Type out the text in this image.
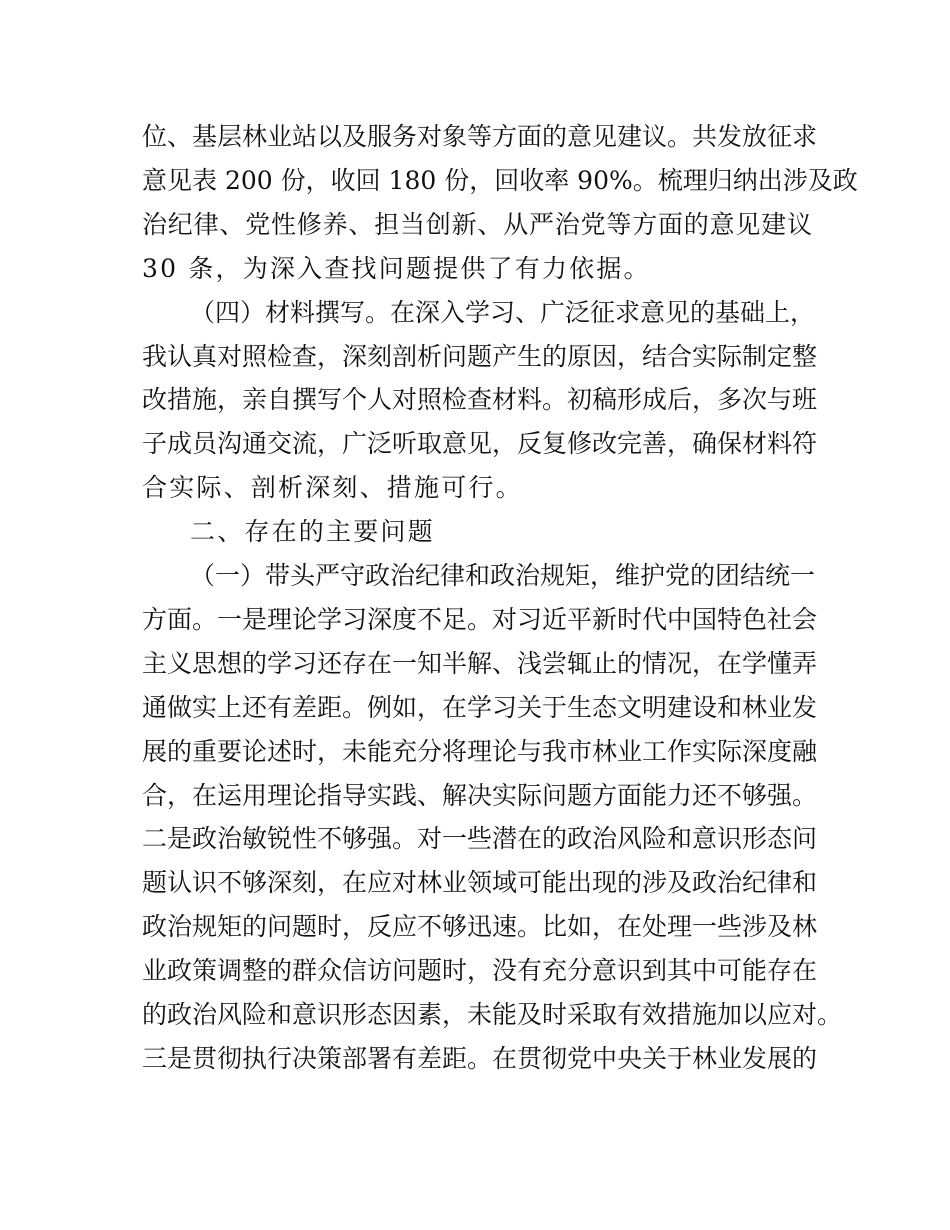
位、基层林业站以及服务对象等方面的意见建议。共发放征求
意见表 200 份，收回 180 份，回收率 90%。梳理归纳出涉及政
治纪律、党性修养、担当创新、从严治党等方面的意见建议
30 条，为深入查找问题提供了有力依据。
（四）材料撰写。在深入学习、广泛征求意见的基础上，
我认真对照检查，深刻剖析问题产生的原因，结合实际制定整
改措施，亲自撰写个人对照检查材料。初稿形成后，多次与班
子成员沟通交流，广泛听取意见，反复修改完善，确保材料符
合实际、剖析深刻、措施可行。
二、存在的主要问题
（一）带头严守政治纪律和政治规矩，维护党的团结统一
方面。一是理论学习深度不足。对习近平新时代中国特色社会
主义思想的学习还存在一知半解、浅尝辄止的情况，在学懂弄
通做实上还有差距。例如，在学习关于生态文明建设和林业发
展的重要论述时，未能充分将理论与我市林业工作实际深度融
合，在运用理论指导实践、解决实际问题方面能力还不够强。
二是政治敏锐性不够强。对一些潜在的政治风险和意识形态问
题认识不够深刻，在应对林业领域可能出现的涉及政治纪律和
政治规矩的问题时，反应不够迅速。比如，在处理一些涉及林
业政策调整的群众信访问题时，没有充分意识到其中可能存在
的政治风险和意识形态因素，未能及时采取有效措施加以应对。
三是贯彻执行决策部署有差距。在贯彻党中央关于林业发展的
